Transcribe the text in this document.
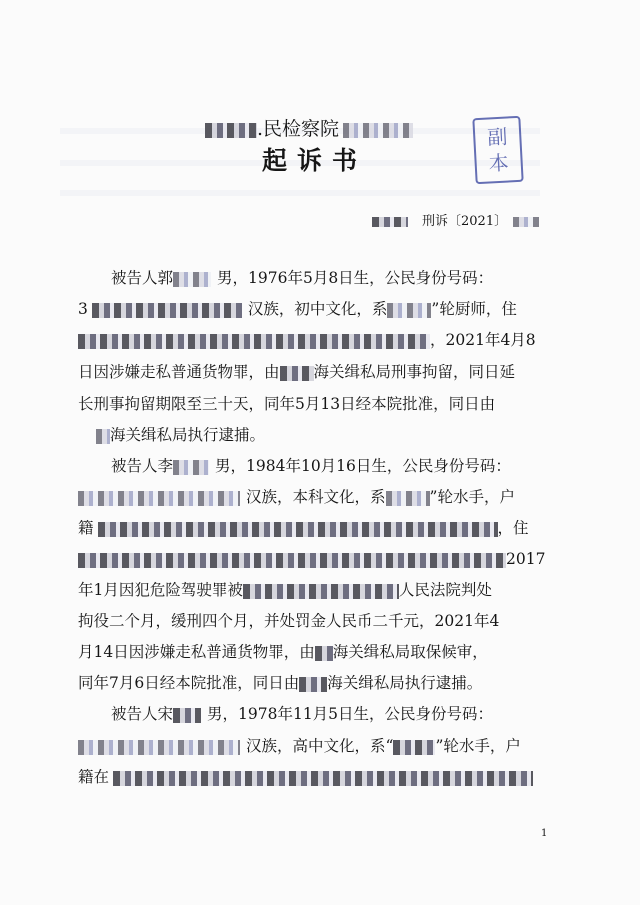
.民检察院
起诉书
副
本
刑诉〔2021〕
被告人郭	男，1976年5月8日生，公民身份号码：
3	汉族，初中文化，系	”轮厨师，住
，2021年4月8
日因涉嫌走私普通货物罪，由 海关缉私局刑事拘留，同日延
长刑事拘留期限至三十天，同年5月13日经本院批准，同日由
海关缉私局执行逮捕。
被告人李	男，1984年10月16日生，公民身份号码：
汉族，本科文化，系	”轮水手，户
籍	，住
2017
年1月因犯危险驾驶罪被	人民法院判处
拘役二个月，缓刑四个月，并处罚金人民币二千元，2021年4
月14日因涉嫌走私普通货物罪，由 海关缉私局取保候审，
同年7月6日经本院批准，同日由 海关缉私局执行逮捕。
被告人宋 男，1978年11月5日生，公民身份号码：
汉族，高中文化，系“	”轮水手，户
籍在
1
